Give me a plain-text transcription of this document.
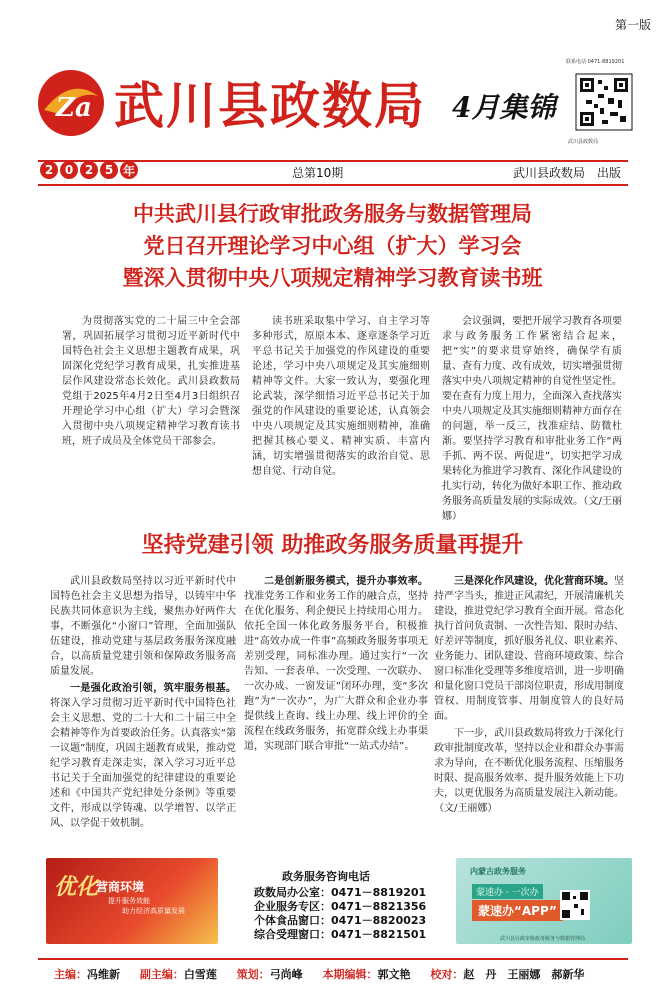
第一版
Za 武川县政数局 4月集锦
联系电话 0471-8819201
武川县政数局
2 0 2 5 年	总第10期	武川县政数局　出版
中共武川县行政审批政务服务与数据管理局
党日召开理论学习中心组（扩大）学习会
暨深入贯彻中央八项规定精神学习教育读书班

为贯彻落实党的二十届三中全会部署，巩固拓展学习贯彻习近平新时代中国特色社会主义思想主题教育成果，巩固深化党纪学习教育成果，扎实推进基层作风建设常态长效化。武川县政数局党组于2025年4月2日至4月3日组织召开理论学习中心组（扩大）学习会暨深入贯彻中央八项规定精神学习教育读书班，班子成员及全体党员干部参会。

读书班采取集中学习、自主学习等多种形式，原原本本、逐章逐条学习近平总书记关于加强党的作风建设的重要论述，学习中央八项规定及其实施细则精神等文件。大家一致认为，要强化理论武装，深学细悟习近平总书记关于加强党的作风建设的重要论述，认真领会中央八项规定及其实施细则精神，准确把握其核心要义、精神实质、丰富内涵，切实增强贯彻落实的政治自觉、思想自觉、行动自觉。

会议强调，要把开展学习教育各项要求与政务服务工作紧密结合起来，把“实”的要求贯穿始终，确保学有质量、查有力度、改有成效，切实增强贯彻落实中央八项规定精神的自觉性坚定性。要在查有力度上用力，全面深入查找落实中央八项规定及其实施细则精神方面存在的问题，举一反三，找准症结、防微杜渐。要坚持学习教育和审批业务工作“两手抓、两不误、两促进”，切实把学习成果转化为推进学习教育、深化作风建设的扎实行动，转化为做好本职工作、推动政务服务高质量发展的实际成效。（文/王丽娜）

坚持党建引领 助推政务服务质量再提升

武川县政数局坚持以习近平新时代中国特色社会主义思想为指导，以铸牢中华民族共同体意识为主线，聚焦办好两件大事，不断强化“小窗口”管理，全面加强队伍建设，推动党建与基层政务服务深度融合，以高质量党建引领和保障政务服务高质量发展。

一是强化政治引领，筑牢服务根基。将深入学习贯彻习近平新时代中国特色社会主义思想、党的二十大和二十届三中全会精神等作为首要政治任务。认真落实“第一议题”制度，巩固主题教育成果，推动党纪学习教育走深走实，深入学习习近平总书记关于全面加强党的纪律建设的重要论述和《中国共产党纪律处分条例》等重要文件，形成以学铸魂、以学增智、以学正风、以学促干效机制。

二是创新服务模式，提升办事效率。找准党务工作和业务工作的融合点，坚持在优化服务、利企便民上持续用心用力。依托全国一体化政务服务平台，积极推进“高效办成一件事”高频政务服务事项无差别受理，同标准办理。通过实行“一次告知、一套表单、一次受理、一次联办、一次办成、一窗发证”闭环办理，变“多次跑”为“一次办”，为广大群众和企业办事提供线上查询、线上办理、线上评价的全流程在线政务服务，拓宽群众线上办事渠道，实现部门联合审批“一站式办结”。

三是深化作风建设，优化营商环境。坚持严字当头，推进正风肃纪，开展清廉机关建设，推进党纪学习教育全面开展。常态化执行首问负责制、一次性告知、限时办结、好差评等制度，抓好服务礼仪、职业素养、业务能力、团队建设、营商环境政策、综合窗口标准化受理等多维度培训，进一步明确和量化窗口党员干部岗位职责，形成用制度管权、用制度管事、用制度管人的良好局面。

下一步，武川县政数局将致力于深化行政审批制度改革，坚持以企业和群众办事需求为导向，在不断优化服务流程、压缩服务时限、提高服务效率、提升服务效能上下功夫，以更优服务为高质量发展注入新动能。（文/王丽娜）

优化
营商环境
提升服务效能
助力经济高质量发展
政务服务咨询电话
政数局办公室：0471－8819201
企业服务专区：0471－8821356
个体食品窗口：0471－8820023
综合受理窗口：0471－8821501
内蒙古政务服务
蒙速办 · 一次办
蒙速办“APP”
武川县行政审批政务服务与数据管理局
主编：冯维新 副主编：白雪莲 策划：弓尚峰 本期编辑：郭文艳 校对：赵　丹　王丽娜　郝新华
